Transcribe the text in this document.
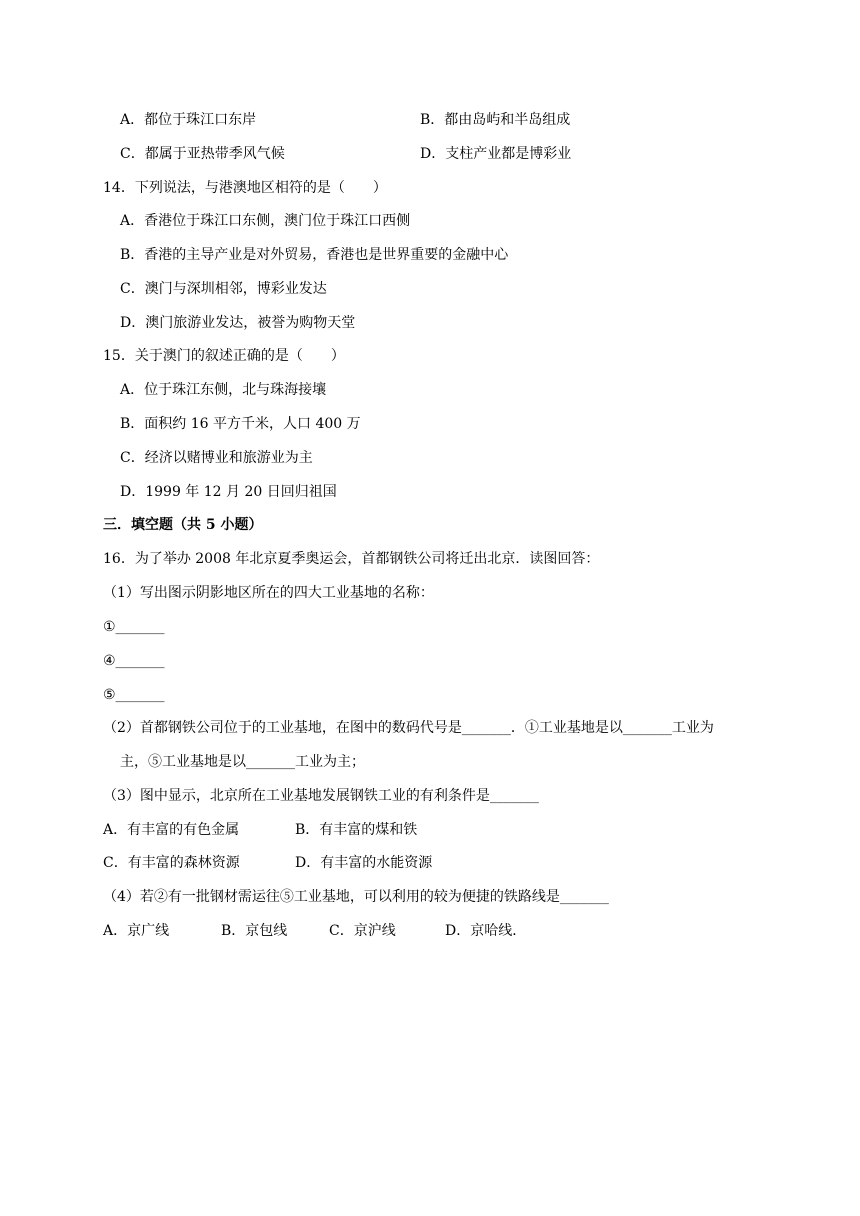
A．都位于珠江口东岸	B．都由岛屿和半岛组成
C．都属于亚热带季风气候	D．支柱产业都是博彩业
14．下列说法，与港澳地区相符的是（　　）
A．香港位于珠江口东侧，澳门位于珠江口西侧
B．香港的主导产业是对外贸易，香港也是世界重要的金融中心
C．澳门与深圳相邻，博彩业发达
D．澳门旅游业发达，被誉为购物天堂
15．关于澳门的叙述正确的是（　　）
A．位于珠江东侧，北与珠海接壤
B．面积约 16 平方千米，人口 400 万
C．经济以赌博业和旅游业为主
D．1999 年 12 月 20 日回归祖国
三．填空题（共 5 小题）
16．为了举办 2008 年北京夏季奥运会，首都钢铁公司将迁出北京．读图回答：
（1）写出图示阴影地区所在的四大工业基地的名称：
①_______
④_______
⑤_______
（2）首都钢铁公司位于的工业基地，在图中的数码代号是_______．①工业基地是以_______工业为
主，⑤工业基地是以_______工业为主；
（3）图中显示，北京所在工业基地发展钢铁工业的有利条件是_______
A．有丰富的有色金属	B．有丰富的煤和铁
C．有丰富的森林资源	D．有丰富的水能资源
（4）若②有一批钢材需运往⑤工业基地，可以利用的较为便捷的铁路线是_______
A．京广线	B．京包线	C．京沪线	D．京哈线．
